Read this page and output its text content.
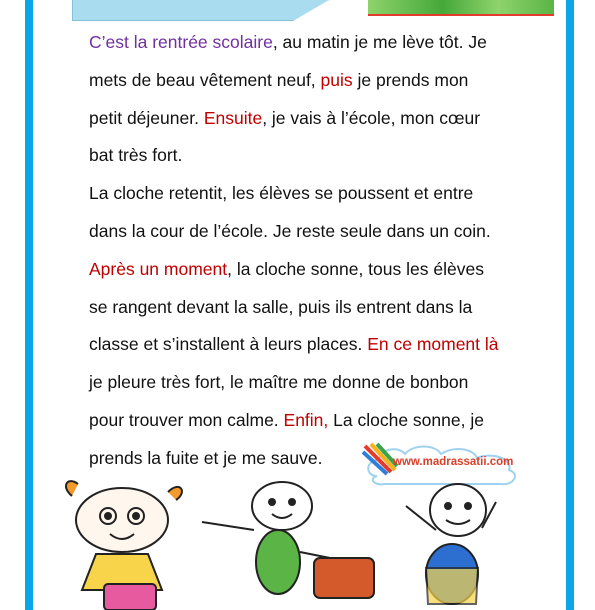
C’est la rentrée scolaire, au matin je me lève tôt. Je

mets de beau vêtement neuf, puis je prends mon

petit déjeuner. Ensuite, je vais à l’école, mon cœur

bat très fort.

La cloche retentit, les élèves se poussent et entre

dans la cour de l’école. Je reste seule dans un coin.

Après un moment, la cloche sonne, tous les élèves

se rangent devant la salle, puis ils entrent dans la

classe et s’installent à leurs places. En ce moment là

je pleure très fort, le maître me donne de bonbon

pour trouver mon calme. Enfin, La cloche sonne, je

prends la fuite et je me sauve.	www.madrassatii.com
